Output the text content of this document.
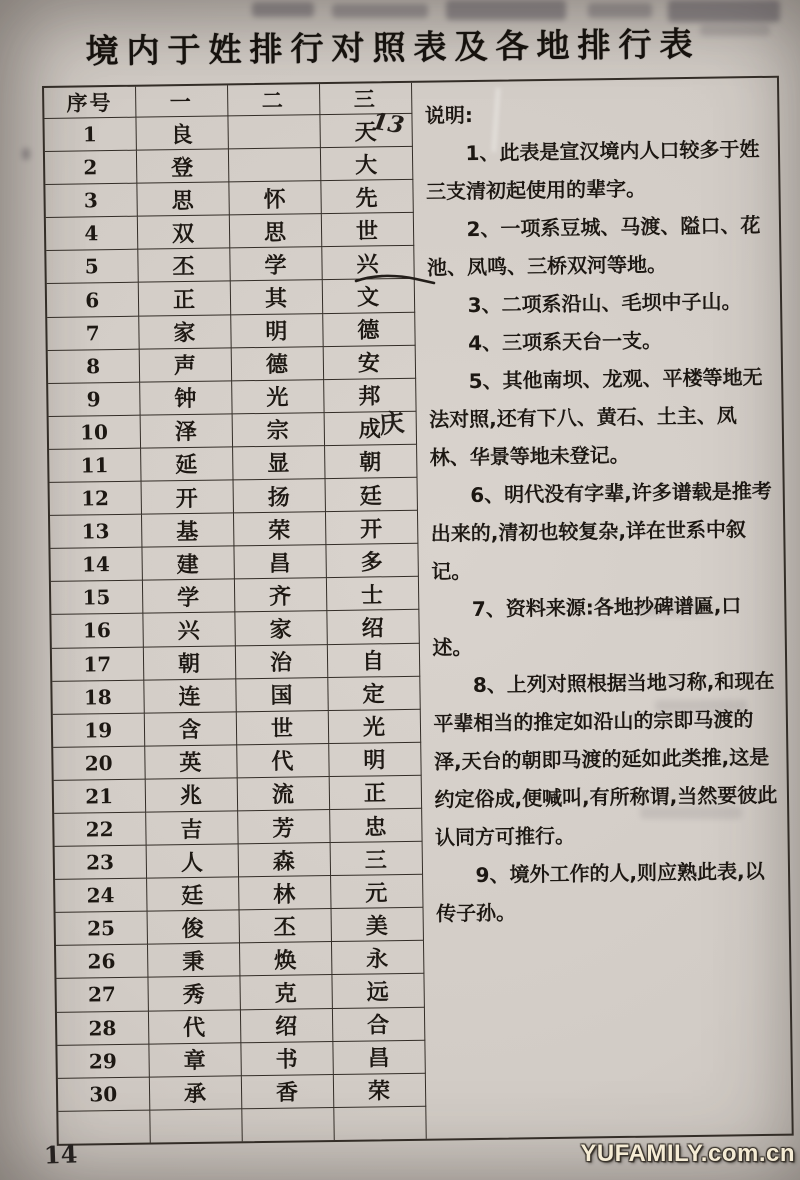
境内于姓排行对照表及各地排行表
序号	一	二	三
1	良		天
2	登		大
3	思	怀	先
4	双	思	世
5	丕	学	兴
6	正	其	文
7	家	明	德
8	声	德	安
9	钟	光	邦
10	泽	宗	成
11	延	显	朝
12	开	扬	廷
13	基	荣	开
14	建	昌	多
15	学	齐	士
16	兴	家	绍
17	朝	治	自
18	连	国	定
19	含	世	光
20	英	代	明
21	兆	流	正
22	吉	芳	忠
23	人	森	三
24	廷	林	元
25	俊	丕	美
26	秉	焕	永
27	秀	克	远
28	代	绍	合
29	章	书	昌
30	承	香	荣

说明:

1、此表是宣汉境内人口较多于姓三支清初起使用的辈字。

2、一项系豆城、马渡、隘口、花池、凤鸣、三桥双河等地。

3、二项系沿山、毛坝中子山。

4、三项系天台一支。

5、其他南坝、龙观、平楼等地无法对照,还有下八、黄石、土主、凤林、华景等地未登记。

6、明代没有字辈,许多谱载是推考出来的,清初也较复杂,详在世系中叙记。

7、资料来源:各地抄碑谱匾,口述。

8、上列对照根据当地习称,和现在平辈相当的推定如沿山的宗即马渡的泽,天台的朝即马渡的延如此类推,这是约定俗成,便喊叫,有所称谓,当然要彼此认同方可推行。

9、境外工作的人,则应熟此表,以传子孙。

13
庆
14	YUFAMILY.com.cn
